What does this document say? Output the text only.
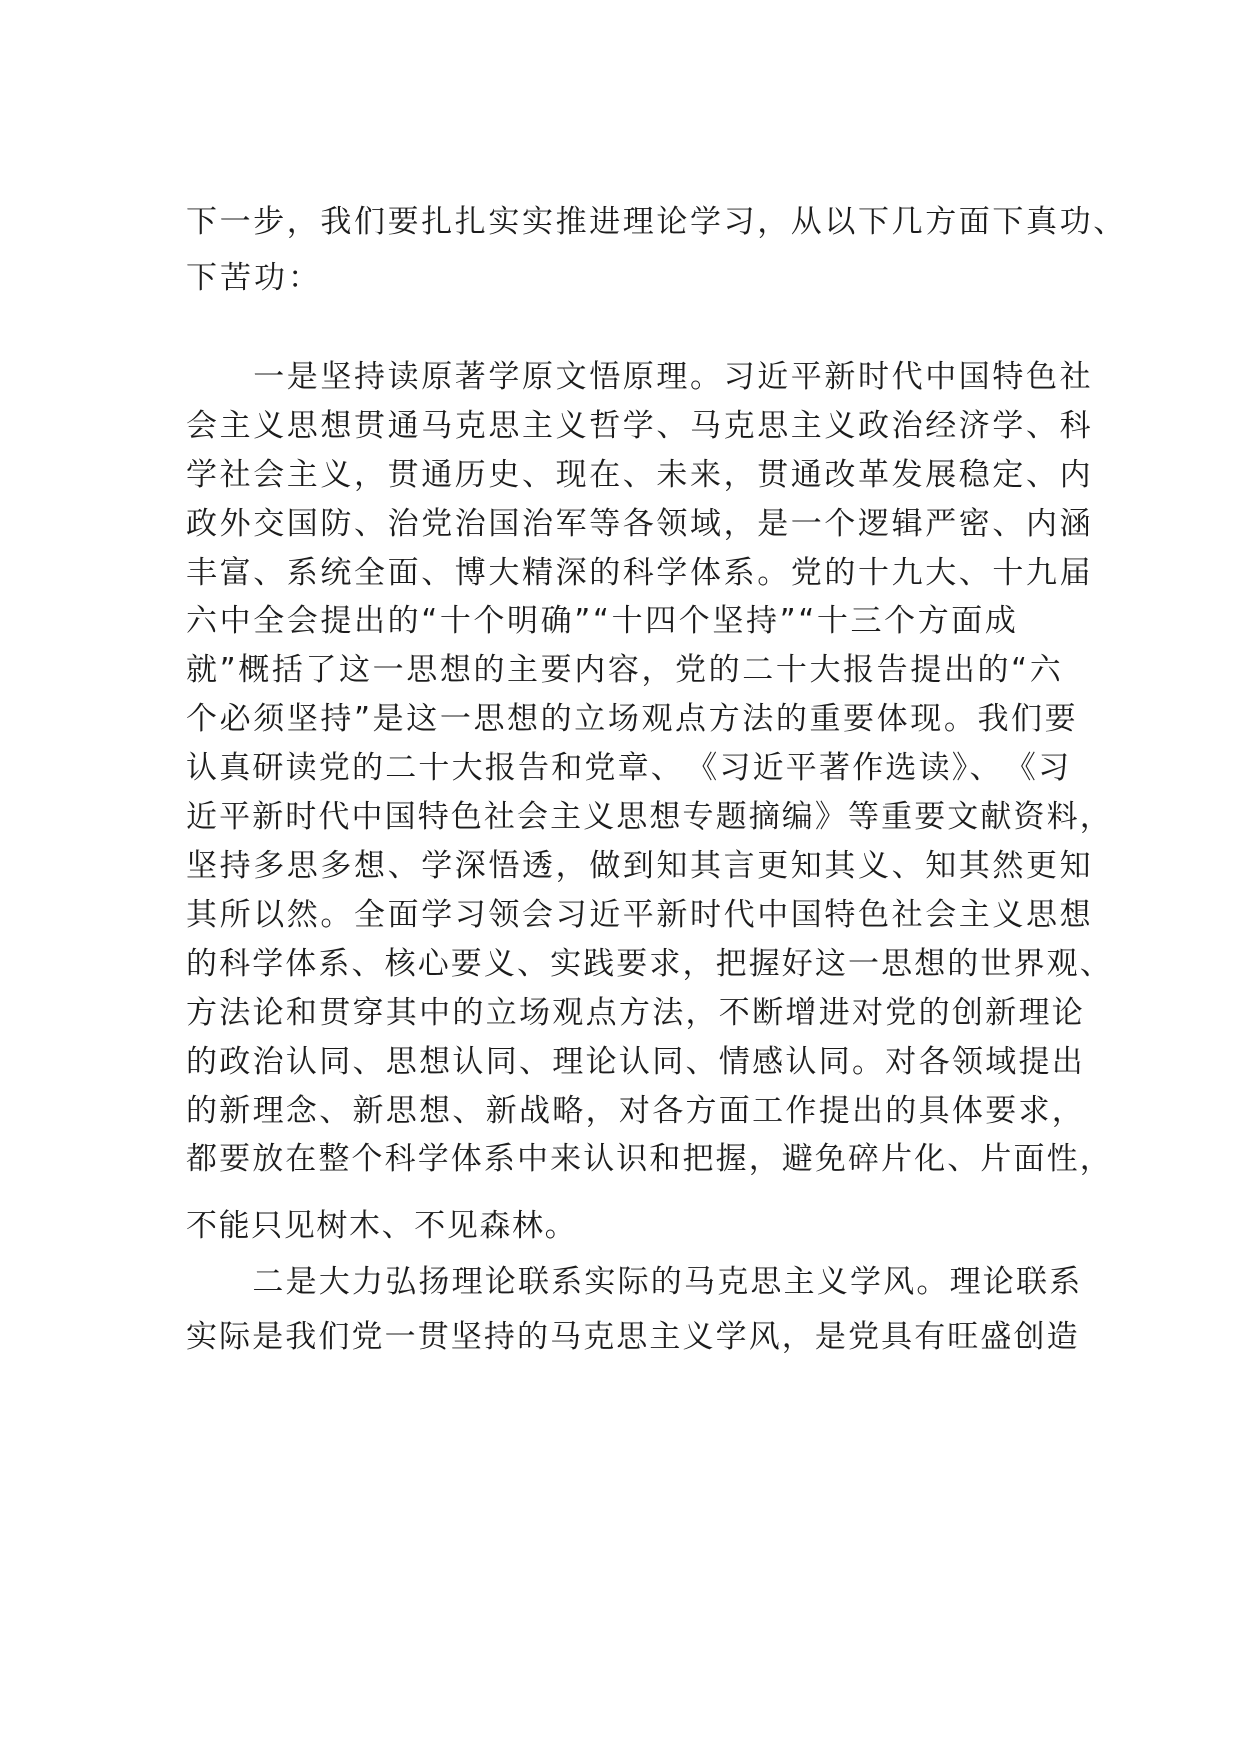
下一步，我们要扎扎实实推进理论学习，从以下几方面下真功、
下苦功：
　　一是坚持读原著学原文悟原理。习近平新时代中国特色社
会主义思想贯通马克思主义哲学、马克思主义政治经济学、科
学社会主义，贯通历史、现在、未来，贯通改革发展稳定、内
政外交国防、治党治国治军等各领域，是一个逻辑严密、内涵
丰富、系统全面、博大精深的科学体系。党的十九大、十九届
六中全会提出的“十个明确”“十四个坚持”“十三个方面成
就”概括了这一思想的主要内容，党的二十大报告提出的“六
个必须坚持”是这一思想的立场观点方法的重要体现。我们要
认真研读党的二十大报告和党章、　《习近平著作选读》、　《习
近平新时代中国特色社会主义思想专题摘编》等重要文献资料，
坚持多思多想、学深悟透，做到知其言更知其义、知其然更知
其所以然。全面学习领会习近平新时代中国特色社会主义思想
的科学体系、核心要义、实践要求，把握好这一思想的世界观、
方法论和贯穿其中的立场观点方法，不断增进对党的创新理论
的政治认同、思想认同、理论认同、情感认同。对各领域提出
的新理念、新思想、新战略，对各方面工作提出的具体要求，
都要放在整个科学体系中来认识和把握，避免碎片化、片面性，
不能只见树木、不见森林。
　　二是大力弘扬理论联系实际的马克思主义学风。理论联系
实际是我们党一贯坚持的马克思主义学风，是党具有旺盛创造
